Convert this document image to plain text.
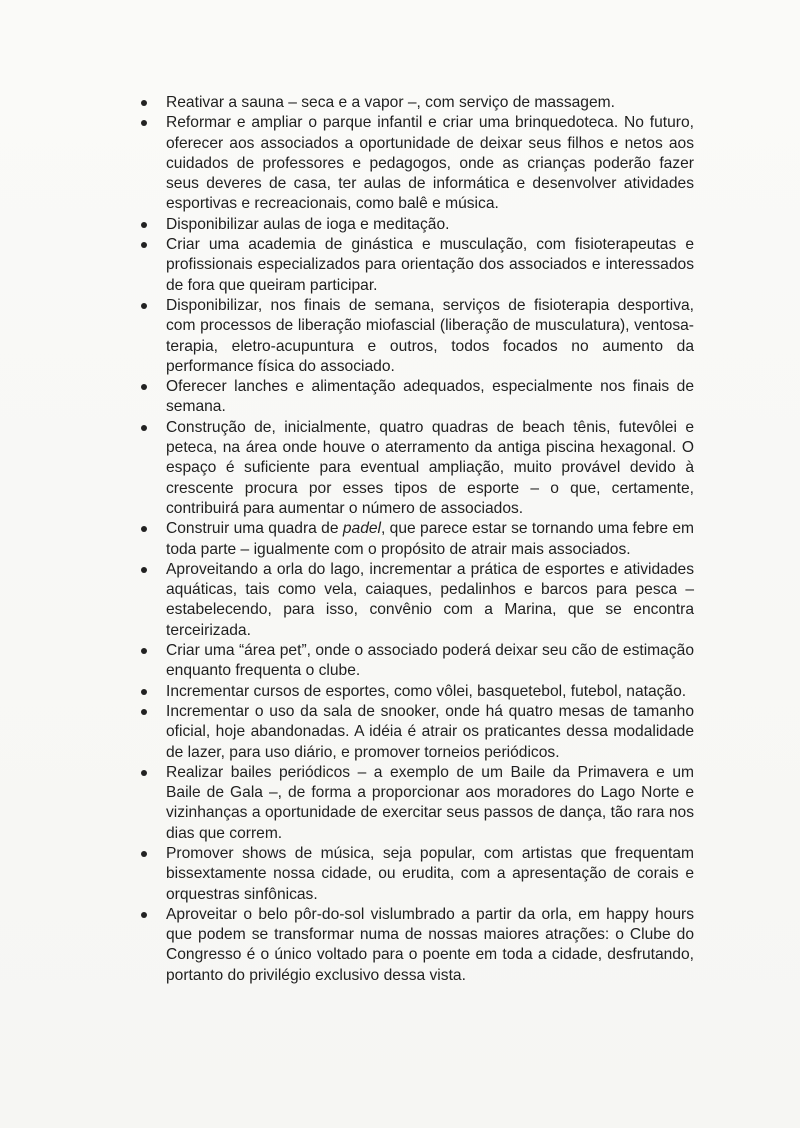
Reativar a sauna – seca e a vapor –, com serviço de massagem.
Reformar e ampliar o parque infantil e criar uma brinquedoteca. No futuro, oferecer aos associados a oportunidade de deixar seus filhos e netos aos cuidados de professores e pedagogos, onde as crianças poderão fazer seus deveres de casa, ter aulas de informática e desenvolver atividades esportivas e recreacionais, como balê e música.
Disponibilizar aulas de ioga e meditação.
Criar uma academia de ginástica e musculação, com fisioterapeutas e profissionais especializados para orientação dos associados e interessados de fora que queiram participar.
Disponibilizar, nos finais de semana, serviços de fisioterapia desportiva, com processos de liberação miofascial (liberação de musculatura), ventosa-terapia, eletro-acupuntura e outros, todos focados no aumento da performance física do associado.
Oferecer lanches e alimentação adequados, especialmente nos finais de semana.
Construção de, inicialmente, quatro quadras de beach tênis, futevôlei e peteca, na área onde houve o aterramento da antiga piscina hexagonal. O espaço é suficiente para eventual ampliação, muito provável devido à crescente procura por esses tipos de esporte – o que, certamente, contribuirá para aumentar o número de associados.
Construir uma quadra de padel, que parece estar se tornando uma febre em toda parte – igualmente com o propósito de atrair mais associados.
Aproveitando a orla do lago, incrementar a prática de esportes e atividades aquáticas, tais como vela, caiaques, pedalinhos e barcos para pesca – estabelecendo, para isso, convênio com a Marina, que se encontra terceirizada.
Criar uma “área pet”, onde o associado poderá deixar seu cão de estimação enquanto frequenta o clube.
Incrementar cursos de esportes, como vôlei, basquetebol, futebol, natação.
Incrementar o uso da sala de snooker, onde há quatro mesas de tamanho oficial, hoje abandonadas. A idéia é atrair os praticantes dessa modalidade de lazer, para uso diário, e promover torneios periódicos.
Realizar bailes periódicos – a exemplo de um Baile da Primavera e um Baile de Gala –, de forma a proporcionar aos moradores do Lago Norte e vizinhanças a oportunidade de exercitar seus passos de dança, tão rara nos dias que correm.
Promover shows de música, seja popular, com artistas que frequentam bissextamente nossa cidade, ou erudita, com a apresentação de corais e orquestras sinfônicas.
Aproveitar o belo pôr-do-sol vislumbrado a partir da orla, em happy hours que podem se transformar numa de nossas maiores atrações: o Clube do Congresso é o único voltado para o poente em toda a cidade, desfrutando, portanto do privilégio exclusivo dessa vista.
